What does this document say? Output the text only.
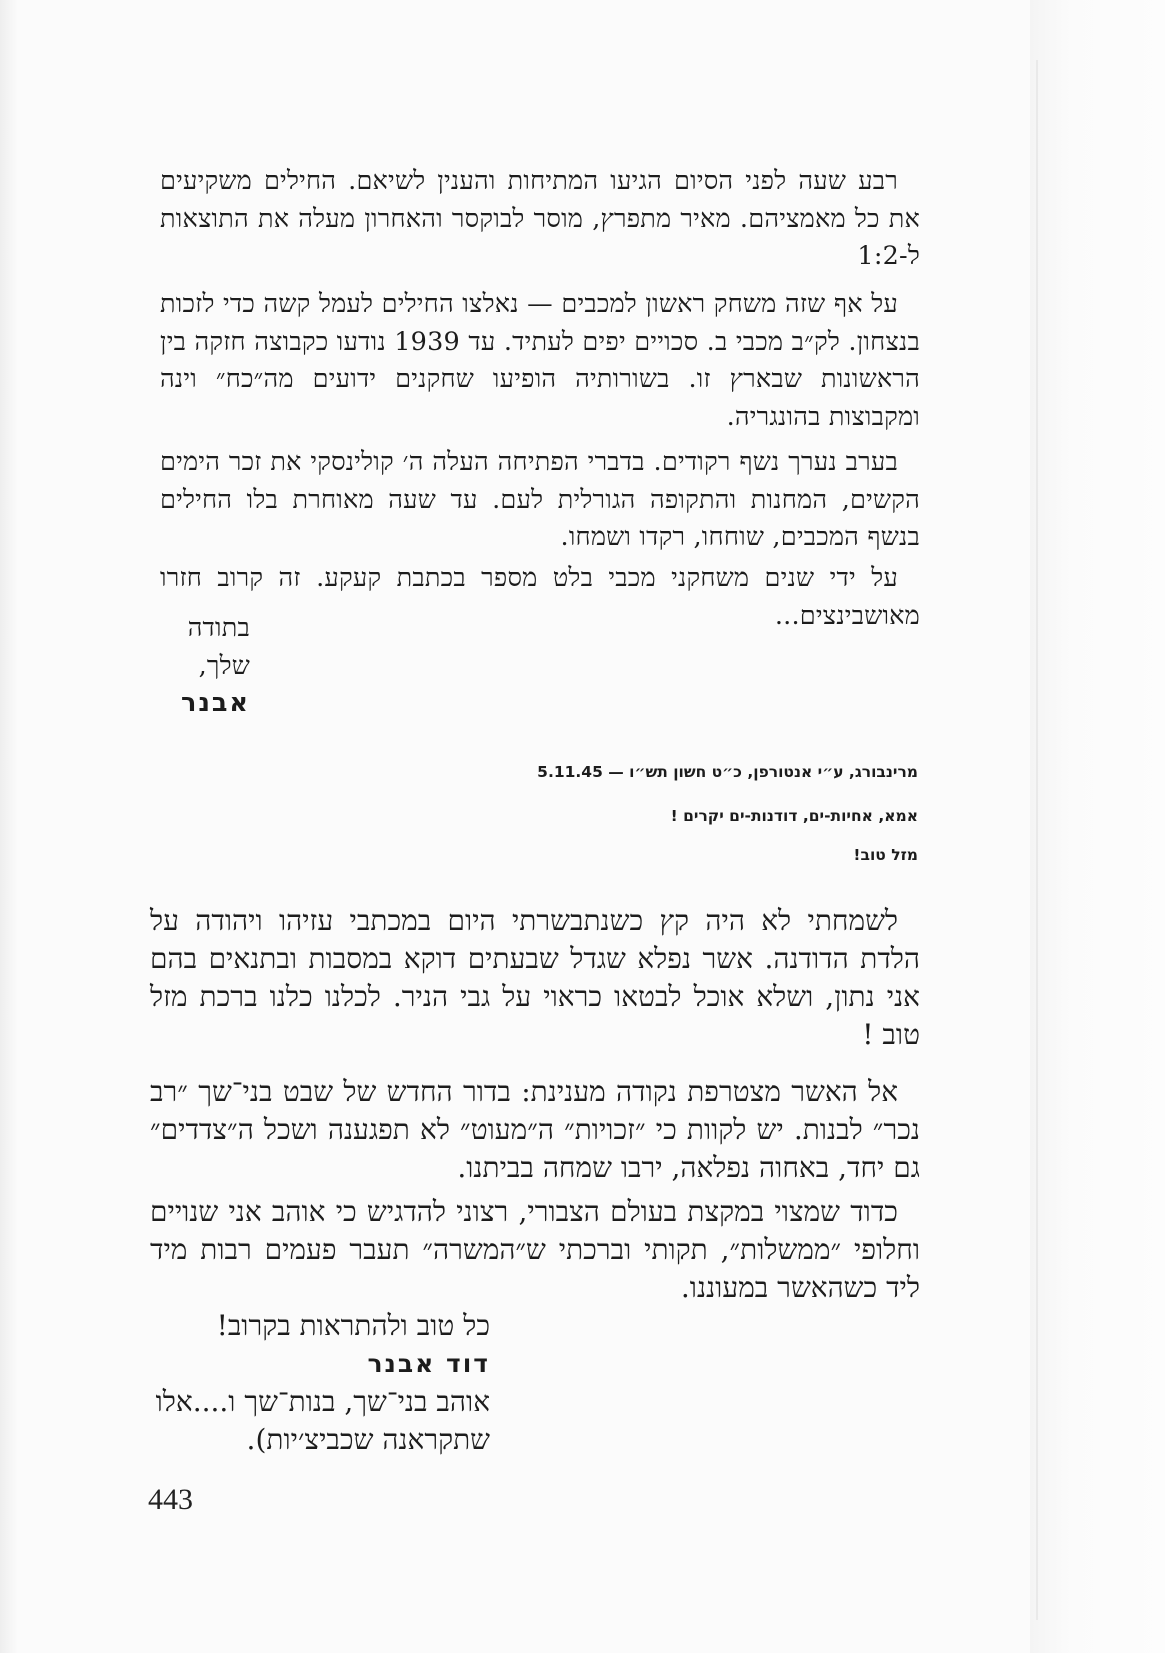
רבע שעה לפני הסיום הגיעו המתיחות והענין לשיאם. החילים משקיעים את כל מאמציהם. מאיר מתפרץ, מוסר לבוקסר והאחרון מעלה את התוצאות ל-1:2

על אף שזה משחק ראשון למכבים — נאלצו החילים לעמל קשה כדי לזכות בנצחון. לק״ב מכבי ב. סכויים יפים לעתיד. עד 1939 נודעו כקבוצה חזקה בין הראשונות שבארץ זו. בשורותיה הופיעו שחקנים ידועים מה״כח״ וינה ומקבוצות בהונגריה.

בערב נערך נשף רקודים. בדברי הפתיחה העלה ה׳ קולינסקי את זכר הימים הקשים, המחנות והתקופה הגורלית לעם. עד שעה מאוחרת בלו החילים בנשף המכבים, שוחחו, רקדו ושמחו.

על ידי שנים משחקני מכבי בלט מספר בכתבת קעקע. זה קרוב חזרו מאושבינצים...

בתודה
שלך,
אבנר
מרינבורג, ע״י אנטורפן, כ״ט חשון תש״ו — 5.11.45
אמא, אחיות-ים, דודנות-ים יקרים !
מזל טוב!

לשמחתי לא היה קץ כשנתבשרתי היום במכתבי עזיהו ויהודה על הלדת הדודנה. אשר נפלא שגדל שבעתים דוקא במסבות ובתנאים בהם אני נתון, ושלא אוכל לבטאו כראוי על גבי הניר. לכלנו כלנו ברכת מזל טוב !

אל האשר מצטרפת נקודה מענינת: בדור החדש של שבט בני־שך ״רב נכר״ לבנות. יש לקוות כי ״זכויות״ ה״מעוט״ לא תפגענה ושכל ה״צדדים״ גם יחד, באחוה נפלאה, ירבו שמחה בביתנו.

כדוד שמצוי במקצת בעולם הצבורי, רצוני להדגיש כי אוהב אני שנויים וחלופי ״ממשלות״, תקותי וברכתי ש״המשרה״ תעבר פעמים רבות מיד ליד כשהאשר במעוננו.

כל טוב ולהתראות בקרוב!
דוד אבנר
אוהב בני־שך, בנות־שך ו....אלו
שתקראנה שכביצ׳יות).
443
